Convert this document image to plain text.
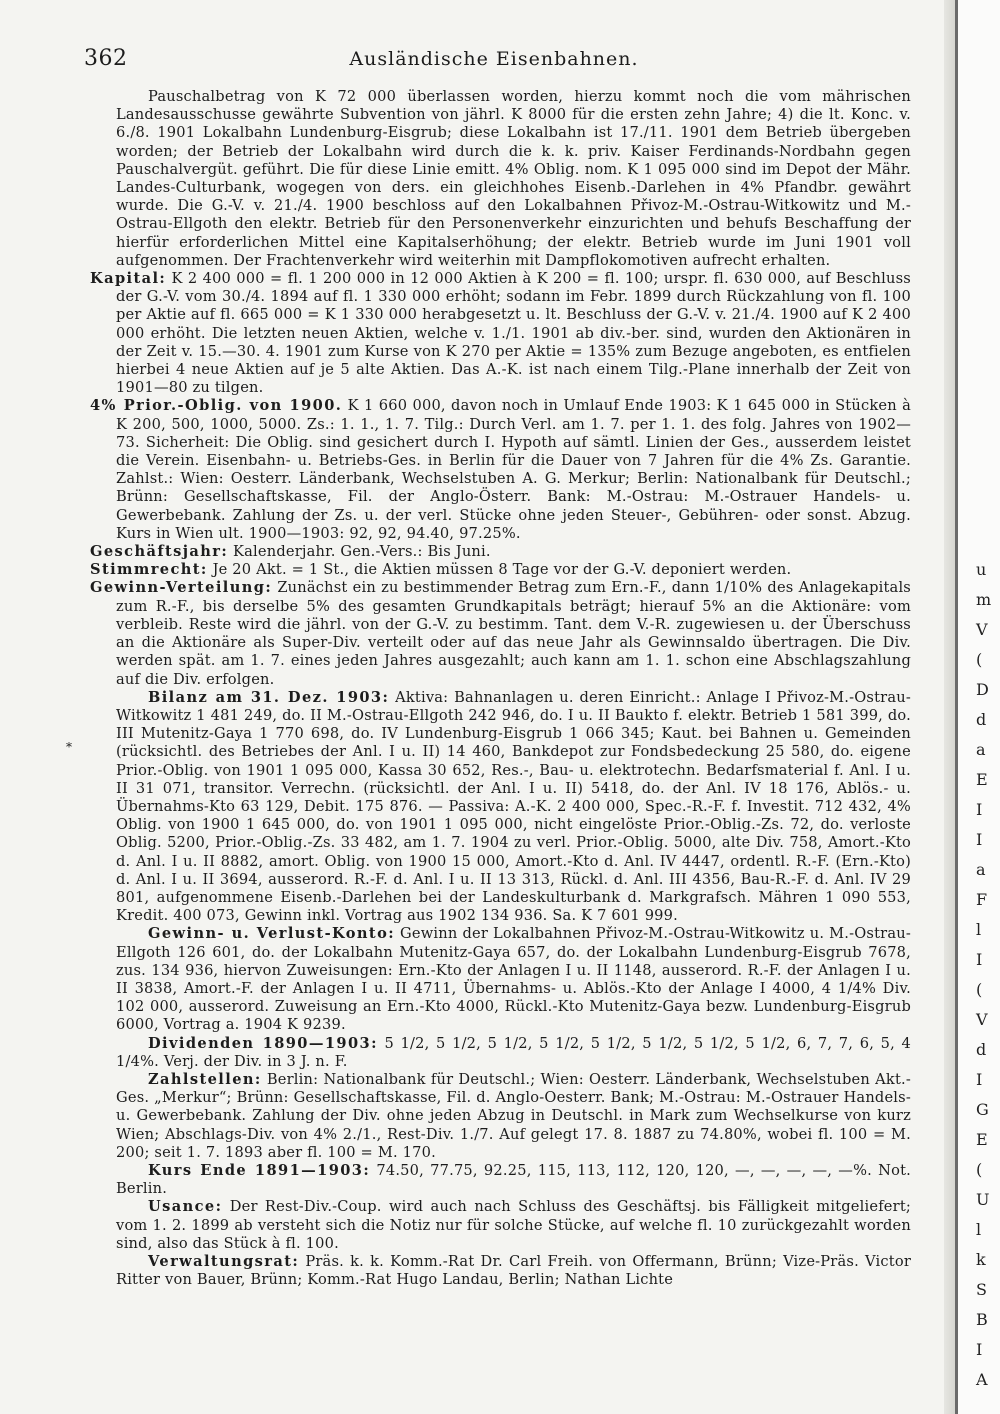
362	Ausländische Eisenbahnen.
*

Pauschalbetrag von K 72 000 überlassen worden, hierzu kommt noch die vom mährischen Landesausschusse gewährte Subvention von jährl. K 8000 für die ersten zehn Jahre; 4) die lt. Konc. v. 6./8. 1901 Lokalbahn Lundenburg-Eisgrub; diese Lokalbahn ist 17./11. 1901 dem Betrieb übergeben worden; der Betrieb der Lokalbahn wird durch die k. k. priv. Kaiser Ferdinands-Nordbahn gegen Pauschalvergüt. geführt. Die für diese Linie emitt. 4% Oblig. nom. K 1 095 000 sind im Depot der Mähr. Landes-Culturbank, wogegen von ders. ein gleichhohes Eisenb.-Darlehen in 4% Pfandbr. gewährt wurde. Die G.-V. v. 21./4. 1900 beschloss auf den Lokalbahnen Přivoz-M.-Ostrau-Witkowitz und M.-Ostrau-Ellgoth den elektr. Betrieb für den Personenverkehr einzurichten und behufs Beschaffung der hierfür erforderlichen Mittel eine Kapitalserhöhung; der elektr. Betrieb wurde im Juni 1901 voll aufgenommen. Der Frachtenverkehr wird weiterhin mit Dampflokomotiven aufrecht erhalten.

Kapital: K 2 400 000 = fl. 1 200 000 in 12 000 Aktien à K 200 = fl. 100; urspr. fl. 630 000, auf Beschluss der G.-V. vom 30./4. 1894 auf fl. 1 330 000 erhöht; sodann im Febr. 1899 durch Rückzahlung von fl. 100 per Aktie auf fl. 665 000 = K 1 330 000 herabgesetzt u. lt. Beschluss der G.-V. v. 21./4. 1900 auf K 2 400 000 erhöht. Die letzten neuen Aktien, welche v. 1./1. 1901 ab div.-ber. sind, wurden den Aktionären in der Zeit v. 15.—30. 4. 1901 zum Kurse von K 270 per Aktie = 135% zum Bezuge angeboten, es entfielen hierbei 4 neue Aktien auf je 5 alte Aktien. Das A.-K. ist nach einem Tilg.-Plane innerhalb der Zeit von 1901—80 zu tilgen.

4% Prior.-Oblig. von 1900. K 1 660 000, davon noch in Umlauf Ende 1903: K 1 645 000 in Stücken à K 200, 500, 1000, 5000. Zs.: 1. 1., 1. 7. Tilg.: Durch Verl. am 1. 7. per 1. 1. des folg. Jahres von 1902—73. Sicherheit: Die Oblig. sind gesichert durch I. Hypoth auf sämtl. Linien der Ges., ausserdem leistet die Verein. Eisenbahn- u. Betriebs-Ges. in Berlin für die Dauer von 7 Jahren für die 4% Zs. Garantie. Zahlst.: Wien: Oesterr. Länderbank, Wechselstuben A. G. Merkur; Berlin: Nationalbank für Deutschl.; Brünn: Gesellschaftskasse, Fil. der Anglo-Österr. Bank: M.-Ostrau: M.-Ostrauer Handels- u. Gewerbebank. Zahlung der Zs. u. der verl. Stücke ohne jeden Steuer-, Gebühren- oder sonst. Abzug. Kurs in Wien ult. 1900—1903: 92, 92, 94.40, 97.25%.

Geschäftsjahr: Kalenderjahr. Gen.-Vers.: Bis Juni.

Stimmrecht: Je 20 Akt. = 1 St., die Aktien müssen 8 Tage vor der G.-V. deponiert werden.

Gewinn-Verteilung: Zunächst ein zu bestimmender Betrag zum Ern.-F., dann 1/10% des Anlagekapitals zum R.-F., bis derselbe 5% des gesamten Grundkapitals beträgt; hierauf 5% an die Aktionäre: vom verbleib. Reste wird die jährl. von der G.-V. zu bestimm. Tant. dem V.-R. zugewiesen u. der Überschuss an die Aktionäre als Super-Div. verteilt oder auf das neue Jahr als Gewinnsaldo übertragen. Die Div. werden spät. am 1. 7. eines jeden Jahres ausgezahlt; auch kann am 1. 1. schon eine Abschlagszahlung auf die Div. erfolgen.

Bilanz am 31. Dez. 1903: Aktiva: Bahnanlagen u. deren Einricht.: Anlage I Přivoz-M.-Ostrau-Witkowitz 1 481 249, do. II M.-Ostrau-Ellgoth 242 946, do. I u. II Baukto f. elektr. Betrieb 1 581 399, do. III Mutenitz-Gaya 1 770 698, do. IV Lundenburg-Eisgrub 1 066 345; Kaut. bei Bahnen u. Gemeinden (rücksichtl. des Betriebes der Anl. I u. II) 14 460, Bankdepot zur Fondsbedeckung 25 580, do. eigene Prior.-Oblig. von 1901 1 095 000, Kassa 30 652, Res.-, Bau- u. elektrotechn. Bedarfsmaterial f. Anl. I u. II 31 071, transitor. Verrechn. (rücksichtl. der Anl. I u. II) 5418, do. der Anl. IV 18 176, Ablös.- u. Übernahms-Kto 63 129, Debit. 175 876. — Passiva: A.-K. 2 400 000, Spec.-R.-F. f. Investit. 712 432, 4% Oblig. von 1900 1 645 000, do. von 1901 1 095 000, nicht eingelöste Prior.-Oblig.-Zs. 72, do. verloste Oblig. 5200, Prior.-Oblig.-Zs. 33 482, am 1. 7. 1904 zu verl. Prior.-Oblig. 5000, alte Div. 758, Amort.-Kto d. Anl. I u. II 8882, amort. Oblig. von 1900 15 000, Amort.-Kto d. Anl. IV 4447, ordentl. R.-F. (Ern.-Kto) d. Anl. I u. II 3694, ausserord. R.-F. d. Anl. I u. II 13 313, Rückl. d. Anl. III 4356, Bau-R.-F. d. Anl. IV 29 801, aufgenommene Eisenb.-Darlehen bei der Landeskulturbank d. Markgrafsch. Mähren 1 090 553, Kredit. 400 073, Gewinn inkl. Vortrag aus 1902 134 936. Sa. K 7 601 999.

Gewinn- u. Verlust-Konto: Gewinn der Lokalbahnen Přivoz-M.-Ostrau-Witkowitz u. M.-Ostrau-Ellgoth 126 601, do. der Lokalbahn Mutenitz-Gaya 657, do. der Lokalbahn Lundenburg-Eisgrub 7678, zus. 134 936, hiervon Zuweisungen: Ern.-Kto der Anlagen I u. II 1148, ausserord. R.-F. der Anlagen I u. II 3838, Amort.-F. der Anlagen I u. II 4711, Übernahms- u. Ablös.-Kto der Anlage I 4000, 4 1/4% Div. 102 000, ausserord. Zuweisung an Ern.-Kto 4000, Rückl.-Kto Mutenitz-Gaya bezw. Lundenburg-Eisgrub 6000, Vortrag a. 1904 K 9239.

Dividenden 1890—1903: 5 1/2, 5 1/2, 5 1/2, 5 1/2, 5 1/2, 5 1/2, 5 1/2, 5 1/2, 6, 7, 7, 6, 5, 4 1/4%. Verj. der Div. in 3 J. n. F.

Zahlstellen: Berlin: Nationalbank für Deutschl.; Wien: Oesterr. Länderbank, Wechselstuben Akt.-Ges. „Merkur“; Brünn: Gesellschaftskasse, Fil. d. Anglo-Oesterr. Bank; M.-Ostrau: M.-Ostrauer Handels- u. Gewerbebank. Zahlung der Div. ohne jeden Abzug in Deutschl. in Mark zum Wechselkurse von kurz Wien; Abschlags-Div. von 4% 2./1., Rest-Div. 1./7. Auf gelegt 17. 8. 1887 zu 74.80%, wobei fl. 100 = M. 200; seit 1. 7. 1893 aber fl. 100 = M. 170.

Kurs Ende 1891—1903: 74.50, 77.75, 92.25, 115, 113, 112, 120, 120, —, —, —, —, —%. Not. Berlin.

Usance: Der Rest-Div.-Coup. wird auch nach Schluss des Geschäftsj. bis Fälligkeit mitgeliefert; vom 1. 2. 1899 ab versteht sich die Notiz nur für solche Stücke, auf welche fl. 10 zurückgezahlt worden sind, also das Stück à fl. 100.

Verwaltungsrat: Präs. k. k. Komm.-Rat Dr. Carl Freih. von Offermann, Brünn; Vize-Präs. Victor Ritter von Bauer, Brünn; Komm.-Rat Hugo Landau, Berlin; Nathan Lichte

u
m
V
(
D
d
a
E
I
I
a
F
l
I
(
V
d
I
G
E
(
U
l
k
S
B
I
A
